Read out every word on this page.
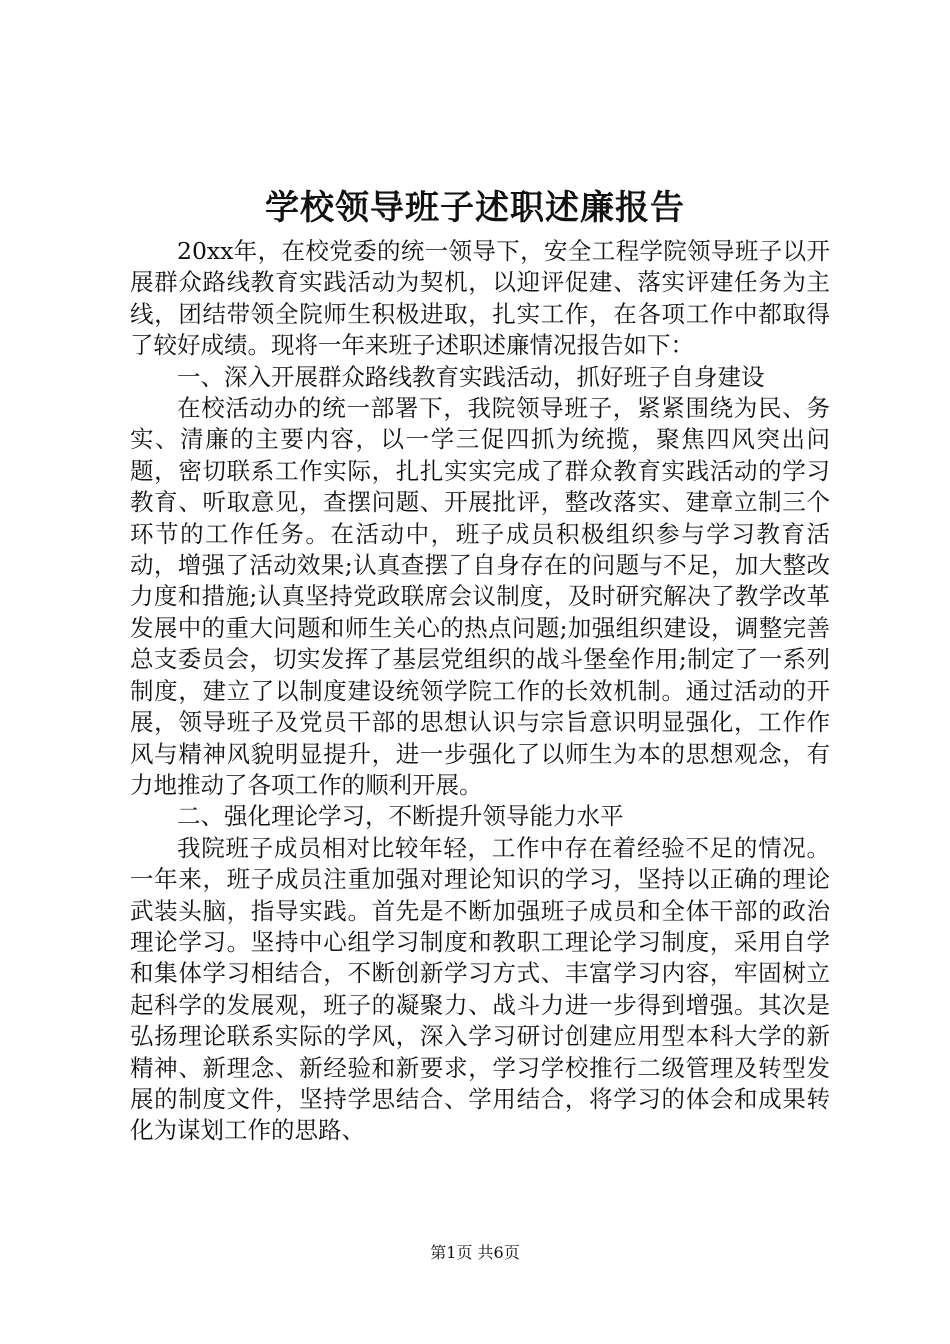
学校领导班子述职述廉报告

20xx年，在校党委的统一领导下，安全工程学院领导班子以开展群众路线教育实践活动为契机，以迎评促建、落实评建任务为主线，团结带领全院师生积极进取，扎实工作，在各项工作中都取得了较好成绩。现将一年来班子述职述廉情况报告如下：

一、深入开展群众路线教育实践活动，抓好班子自身建设

在校活动办的统一部署下，我院领导班子，紧紧围绕为民、务实、清廉的主要内容，以一学三促四抓为统揽，聚焦四风突出问题，密切联系工作实际，扎扎实实完成了群众教育实践活动的学习教育、听取意见，查摆问题、开展批评，整改落实、建章立制三个环节的工作任务。在活动中，班子成员积极组织参与学习教育活动，增强了活动效果;认真查摆了自身存在的问题与不足，加大整改力度和措施;认真坚持党政联席会议制度，及时研究解决了教学改革发展中的重大问题和师生关心的热点问题;加强组织建设，调整完善总支委员会，切实发挥了基层党组织的战斗堡垒作用;制定了一系列制度，建立了以制度建设统领学院工作的长效机制。通过活动的开展，领导班子及党员干部的思想认识与宗旨意识明显强化，工作作风与精神风貌明显提升，进一步强化了以师生为本的思想观念，有力地推动了各项工作的顺利开展。

二、强化理论学习，不断提升领导能力水平

我院班子成员相对比较年轻，工作中存在着经验不足的情况。一年来，班子成员注重加强对理论知识的学习，坚持以正确的理论武装头脑，指导实践。首先是不断加强班子成员和全体干部的政治理论学习。坚持中心组学习制度和教职工理论学习制度，采用自学和集体学习相结合，不断创新学习方式、丰富学习内容，牢固树立起科学的发展观，班子的凝聚力、战斗力进一步得到增强。其次是弘扬理论联系实际的学风，深入学习研讨创建应用型本科大学的新精神、新理念、新经验和新要求，学习学校推行二级管理及转型发展的制度文件，坚持学思结合、学用结合，将学习的体会和成果转化为谋划工作的思路、

第1页 共6页
